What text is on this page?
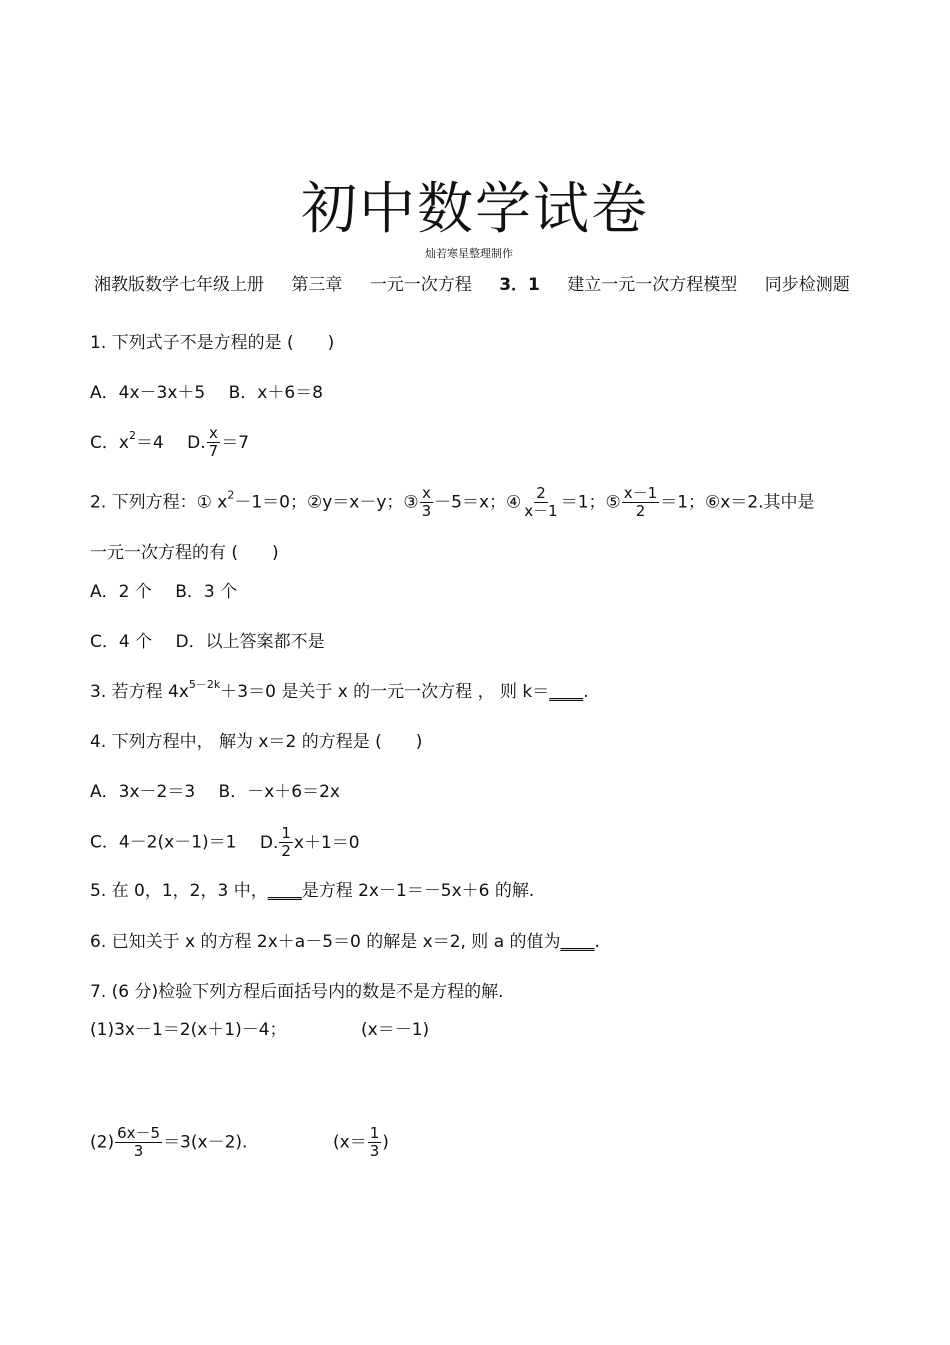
初中数学试卷
灿若寒星整理制作
湘教版数学七年级上册 第三章 一元一次方程 3．1 建立一元一次方程模型 同步检测题
1. 下列式子不是方程的是 (　　)
A．4x－3x＋5 B．x＋6＝8
C．$x^2=4$ D. $\frac{x}{7} =7$
2. 下列方程：① $x^2-1=0$；②y＝x－y；③ $\frac{x}{3} -5=x$；④ $\frac{2}{x-1} =1$；⑤ $\frac{x-1}{2} =1$；⑥x＝2.其中是
一元一次方程的有 (　　)
A．2 个 B．3 个
C．4 个 D．以上答案都不是
3. 若方程 $4x^{5-2k}+3=0$ 是关于 x 的一元一次方程 ， 则 k＝____.
4. 下列方程中， 解为 x＝2 的方程是 (　　)
A．3x－2＝3 B．－x＋6＝2x
C．4－2(x－1)＝1 D. $\frac{1}{2} x+1=0$
5. 在 0，1，2，3 中，____是方程 2x－1＝－5x＋6 的解.
6. 已知关于 x 的方程 2x＋a－5＝0 的解是 x＝2, 则 a 的值为____.
7. (6 分)检验下列方程后面括号内的数是不是方程的解.
(1)3x－1＝2(x＋1)－4；	(x＝－1)
$(2) \frac{6x-5}{3} =3(x-2)$.	($x= \frac{1}{3}$ )
